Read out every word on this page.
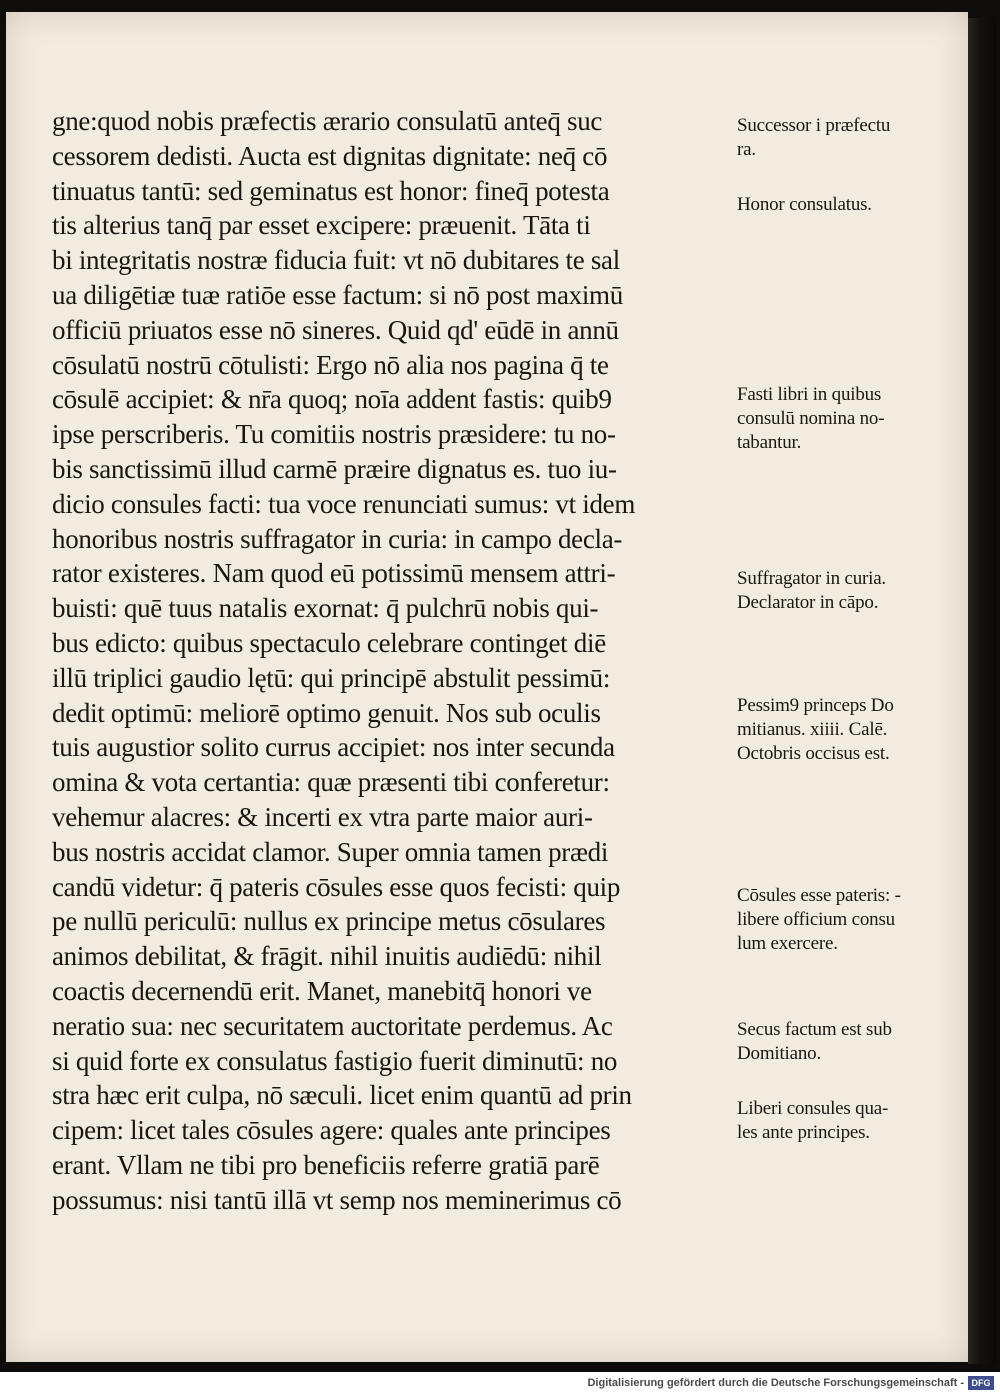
gne:quod nobis præfectis ærario consulatū anteq̄ suc
cessorem dedisti. Aucta est dignitas dignitate: neq̄ cō
tinuatus tantū: sed geminatus est honor: fineq̄ potesta
tis alterius tanq̄ par esset excipere: præuenit. Tāta ti
bi integritatis nostræ fiducia fuit: vt nō dubitares te sal
ua diligētiæ tuæ ratiōe esse factum: si nō post maximū
officiū priuatos esse nō sineres. Quid qd' eūdē in annū
cōsulatū nostrū cōtulisti: Ergo nō alia nos pagina q̄ te
cōsulē accipiet: & nr̄a quoq; noīa addent fastis: quib9
ipse perscriberis. Tu comitiis nostris præsidere: tu no-
bis sanctissimū illud carmē præire dignatus es. tuo iu-
dicio consules facti: tua voce renunciati sumus: vt idem
honoribus nostris suffragator in curia: in campo decla-
rator existeres. Nam quod eū potissimū mensem attri-
buisti: quē tuus natalis exornat: q̄ pulchrū nobis qui-
bus edicto: quibus spectaculo celebrare continget diē
illū triplici gaudio lętū: qui principē abstulit pessimū:
dedit optimū: meliorē optimo genuit. Nos sub oculis
tuis augustior solito currus accipiet: nos inter secunda
omina & vota certantia: quæ præsenti tibi conferetur:
vehemur alacres: & incerti ex vtra parte maior auri-
bus nostris accidat clamor. Super omnia tamen prædi
candū videtur: q̄ pateris cōsules esse quos fecisti: quip
pe nullū periculū: nullus ex principe metus cōsulares
animos debilitat, & frāgit. nihil inuitis audiēdū: nihil
coactis decernendū erit. Manet, manebitq̄ honori ve
neratio sua: nec securitatem auctoritate perdemus. Ac
si quid forte ex consulatus fastigio fuerit diminutū: no
stra hæc erit culpa, nō sæculi. licet enim quantū ad prin
cipem: licet tales cōsules agere: quales ante principes
erant. Vllam ne tibi pro beneficiis referre gratiā parē
possumus: nisi tantū illā vt semp nos meminerimus cō
Successor i præfectu
ra.
Honor consulatus.
Fasti libri in quibus
consulū nomina no-
tabantur.
Suffragator in curia.
Declarator in cāpo.
Pessim9 princeps Do
mitianus. xiiii. Calē.
Octobris occisus est.
Cōsules esse pateris: -
libere officium consu
lum exercere.
Secus factum est sub
Domitiano.
Liberi consules qua-
les ante principes.
Digitalisierung gefördert durch die Deutsche Forschungsgemeinschaft - DFG
